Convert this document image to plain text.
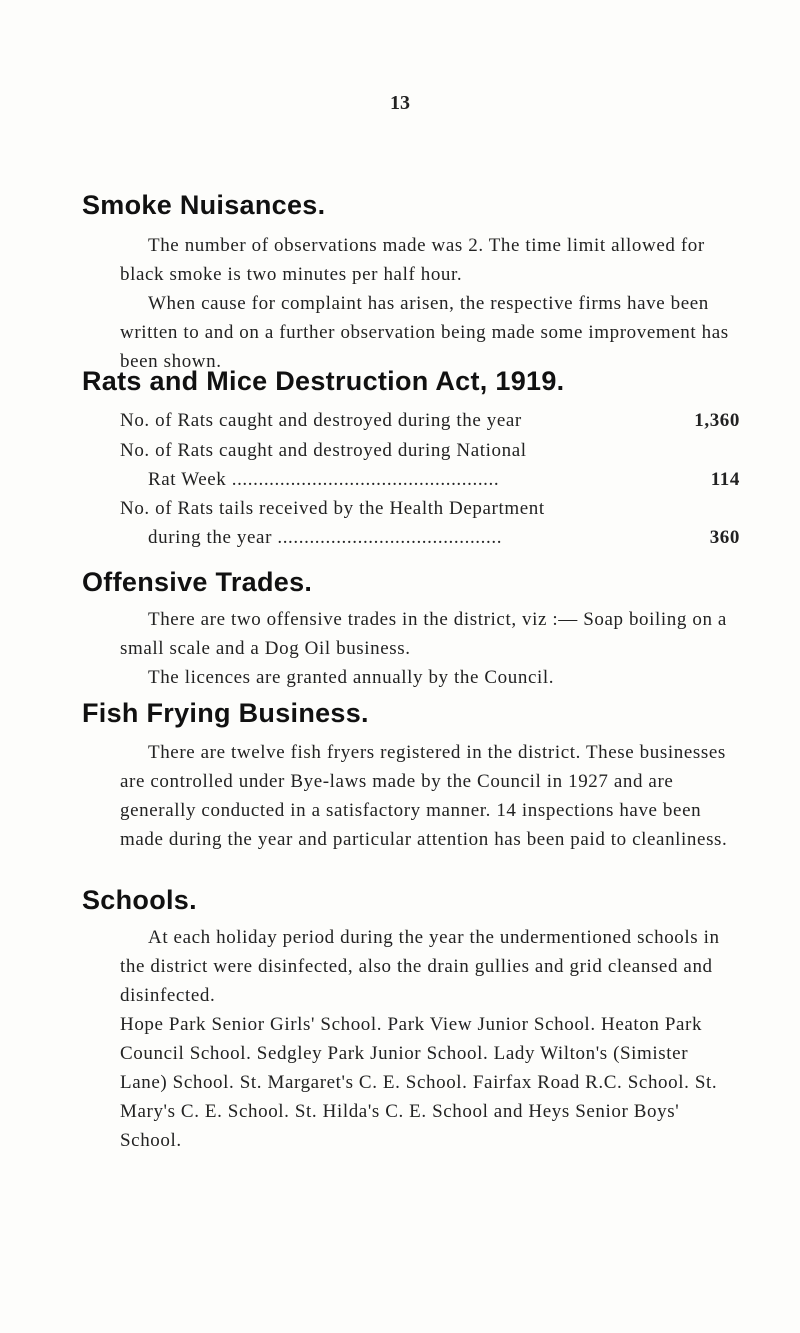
13
Smoke Nuisances.

The number of observations made was 2. The time limit allowed for black smoke is two minutes per half hour.

When cause for complaint has arisen, the respective firms have been written to and on a further observation being made some improvement has been shown.

Rats and Mice Destruction Act, 1919.
No. of Rats caught and destroyed during the year	1,360
No. of Rats caught and destroyed during National
Rat Week ..................................................	114
No. of Rats tails received by the Health Department
during the year ..........................................	360
Offensive Trades.

There are two offensive trades in the district, viz :— Soap boiling on a small scale and a Dog Oil business.

The licences are granted annually by the Council.

Fish Frying Business.

There are twelve fish fryers registered in the district. These businesses are controlled under Bye-laws made by the Council in 1927 and are generally conducted in a satisfactory manner. 14 inspections have been made during the year and particular attention has been paid to cleanliness.

Schools.

At each holiday period during the year the undermentioned schools in the district were disinfected, also the drain gullies and grid cleansed and disinfected.

Hope Park Senior Girls' School. Park View Junior School. Heaton Park Council School. Sedgley Park Junior School. Lady Wilton's (Simister Lane) School. St. Margaret's C. E. School. Fairfax Road R.C. School. St. Mary's C. E. School. St. Hilda's C. E. School and Heys Senior Boys' School.
